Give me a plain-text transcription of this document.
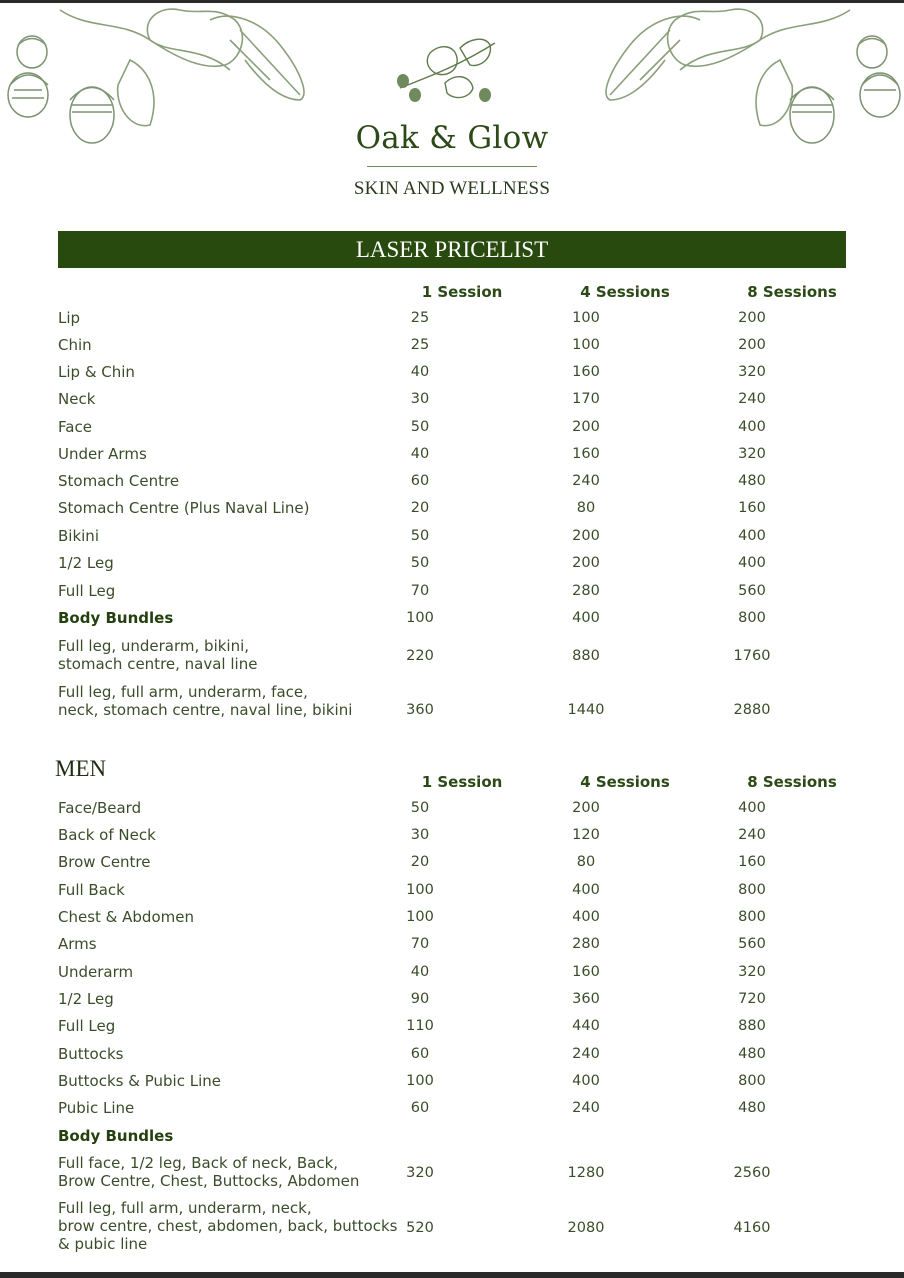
Oak & Glow
SKIN AND WELLNESS
LASER PRICELIST
1 Session	4 Sessions	8 Sessions
Lip	25	100	200
Chin	25	100	200
Lip & Chin	40	160	320
Neck	30	170	240
Face	50	200	400
Under Arms	40	160	320
Stomach Centre	60	240	480
Stomach Centre (Plus Naval Line)	20	80	160
Bikini	50	200	400
1/2 Leg	50	200	400
Full Leg	70	280	560
Body Bundles	100	400	800
Full leg, underarm, bikini,
stomach centre, naval line	220	880	1760
Full leg, full arm, underarm, face,
neck, stomach centre, naval line, bikini	360	1440	2880
MEN
1 Session	4 Sessions	8 Sessions
Face/Beard	50	200	400
Back of Neck	30	120	240
Brow Centre	20	80	160
Full Back	100	400	800
Chest & Abdomen	100	400	800
Arms	70	280	560
Underarm	40	160	320
1/2 Leg	90	360	720
Full Leg	110	440	880
Buttocks	60	240	480
Buttocks & Pubic Line	100	400	800
Pubic Line	60	240	480
Body Bundles
Full face, 1/2 leg, Back of neck, Back,
Brow Centre, Chest, Buttocks, Abdomen	320	1280	2560
Full leg, full arm, underarm, neck,
brow centre, chest, abdomen, back, buttocks
& pubic line
520	2080	4160
